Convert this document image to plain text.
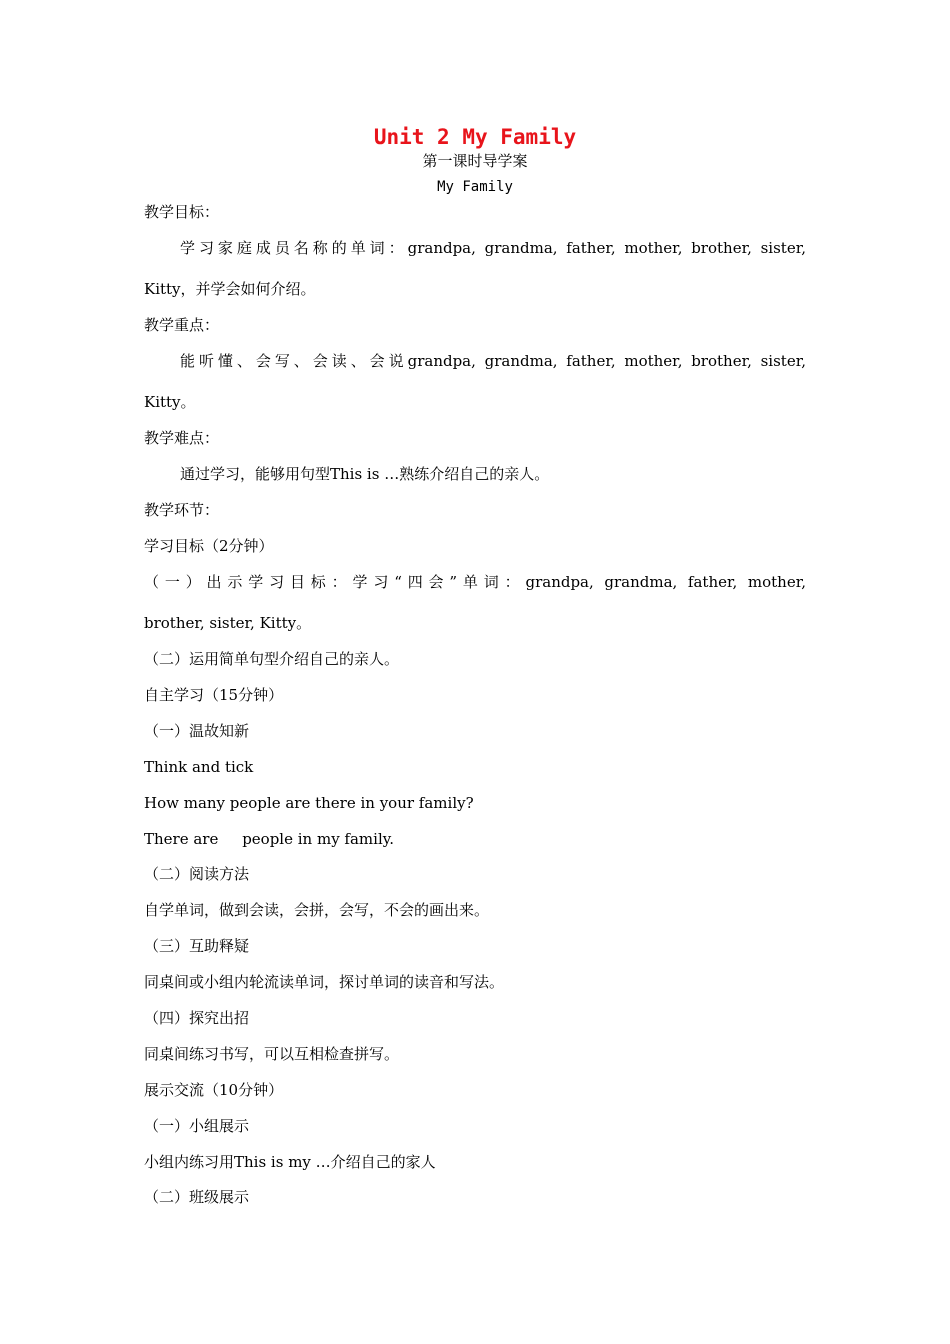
Unit 2 My Family
第一课时导学案
My Family
教学目标：
学习家庭成员名称的单词：grandpa, grandma, father, mother, brother, sister,
Kitty，并学会如何介绍。
教学重点：
能听懂、会写、会读、会说grandpa, grandma, father, mother, brother, sister,
Kitty。
教学难点：
通过学习，能够用句型This is …熟练介绍自己的亲人。
教学环节：
学习目标（2分钟）
（一）出示学习目标：学习“四会”单词：grandpa, grandma, father, mother,
brother, sister, Kitty。
（二）运用简单句型介绍自己的亲人。
自主学习（15分钟）
（一）温故知新
Think and tick
How many people are there in your family?
There are     people in my family.
（二）阅读方法
自学单词，做到会读，会拼，会写，不会的画出来。
（三）互助释疑
同桌间或小组内轮流读单词，探讨单词的读音和写法。
（四）探究出招
同桌间练习书写，可以互相检查拼写。
展示交流（10分钟）
（一）小组展示
小组内练习用This is my …介绍自己的家人
（二）班级展示
